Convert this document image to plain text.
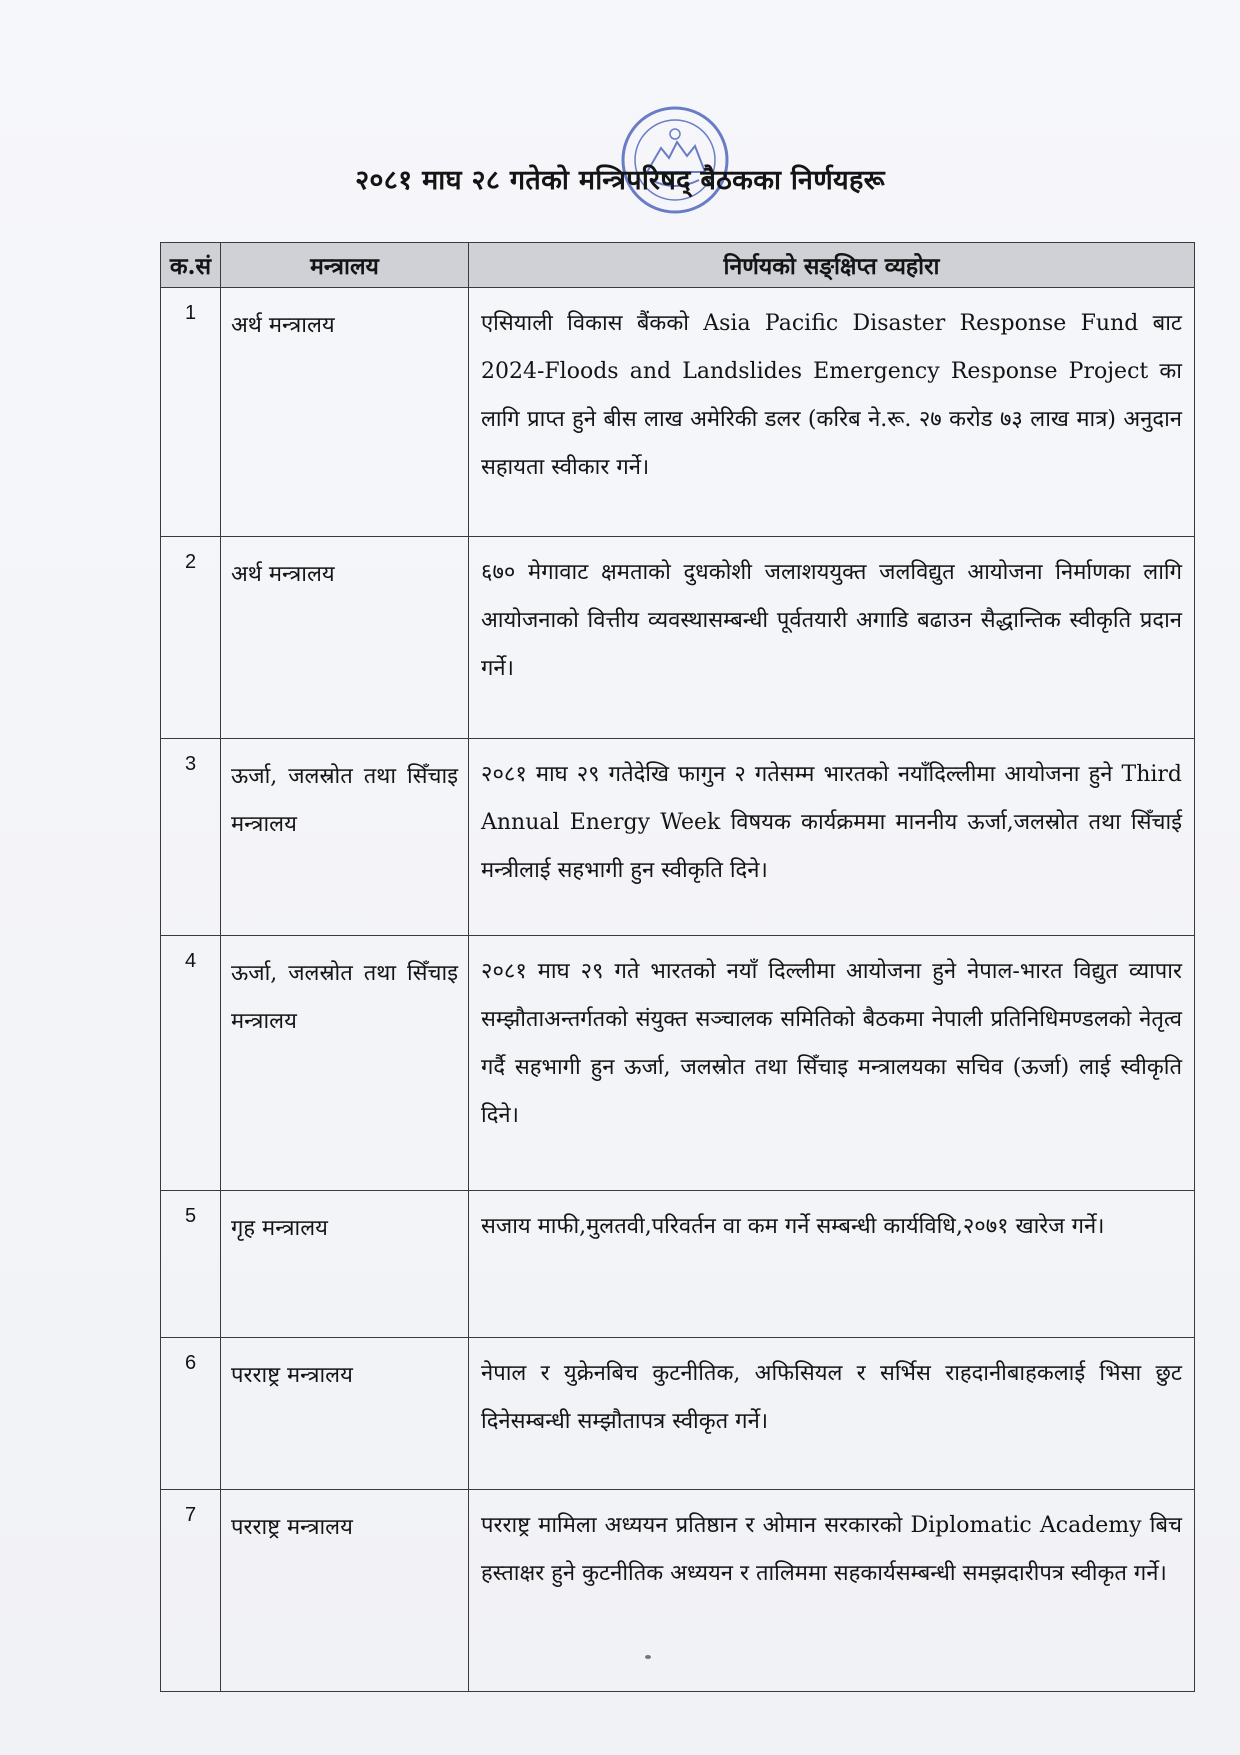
२०८१ माघ २८ गतेको मन्त्रिपरिषद् बैठकका निर्णयहरू
क.सं	मन्त्रालय	निर्णयको सङ्क्षिप्त व्यहोरा
1	अर्थ मन्त्रालय	एसियाली विकास बैंकको Asia Pacific Disaster Response Fund बाट 2024-Floods and Landslides Emergency Response Project का लागि प्राप्त हुने बीस लाख अमेरिकी डलर (करिब ने.रू. २७ करोड ७३ लाख मात्र) अनुदान सहायता स्वीकार गर्ने।
2	अर्थ मन्त्रालय	६७० मेगावाट क्षमताको दुधकोशी जलाशययुक्त जलविद्युत आयोजना निर्माणका लागि आयोजनाको वित्तीय व्यवस्थासम्बन्धी पूर्वतयारी अगाडि बढाउन सैद्धान्तिक स्वीकृति प्रदान गर्ने।
3	ऊर्जा, जलस्रोत तथा सिँचाइ मन्त्रालय	२०८१ माघ २९ गतेदेखि फागुन २ गतेसम्म भारतको नयाँदिल्लीमा आयोजना हुने Third Annual Energy Week विषयक कार्यक्रममा माननीय ऊर्जा,जलस्रोत तथा सिँचाई मन्त्रीलाई सहभागी हुन स्वीकृति दिने।
4	ऊर्जा, जलस्रोत तथा सिँचाइ मन्त्रालय	२०८१ माघ २९ गते भारतको नयाँ दिल्लीमा आयोजना हुने नेपाल-भारत विद्युत व्यापार सम्झौताअन्तर्गतको संयुक्त सञ्चालक समितिको बैठकमा नेपाली प्रतिनिधिमण्डलको नेतृत्व गर्दै सहभागी हुन ऊर्जा, जलस्रोत तथा सिँचाइ मन्त्रालयका सचिव (ऊर्जा) लाई स्वीकृति दिने।
5	गृह मन्त्रालय	सजाय माफी,मुलतवी,परिवर्तन वा कम गर्ने सम्बन्धी कार्यविधि,२०७१ खारेज गर्ने।
6	परराष्ट्र मन्त्रालय	नेपाल र युक्रेनबिच कुटनीतिक, अफिसियल र सर्भिस राहदानीबाहकलाई भिसा छुट दिनेसम्बन्धी सम्झौतापत्र स्वीकृत गर्ने।
7	परराष्ट्र मन्त्रालय	परराष्ट्र मामिला अध्ययन प्रतिष्ठान र ओमान सरकारको Diplomatic Academy बिच हस्ताक्षर हुने कुटनीतिक अध्ययन र तालिममा सहकार्यसम्बन्धी समझदारीपत्र स्वीकृत गर्ने।
